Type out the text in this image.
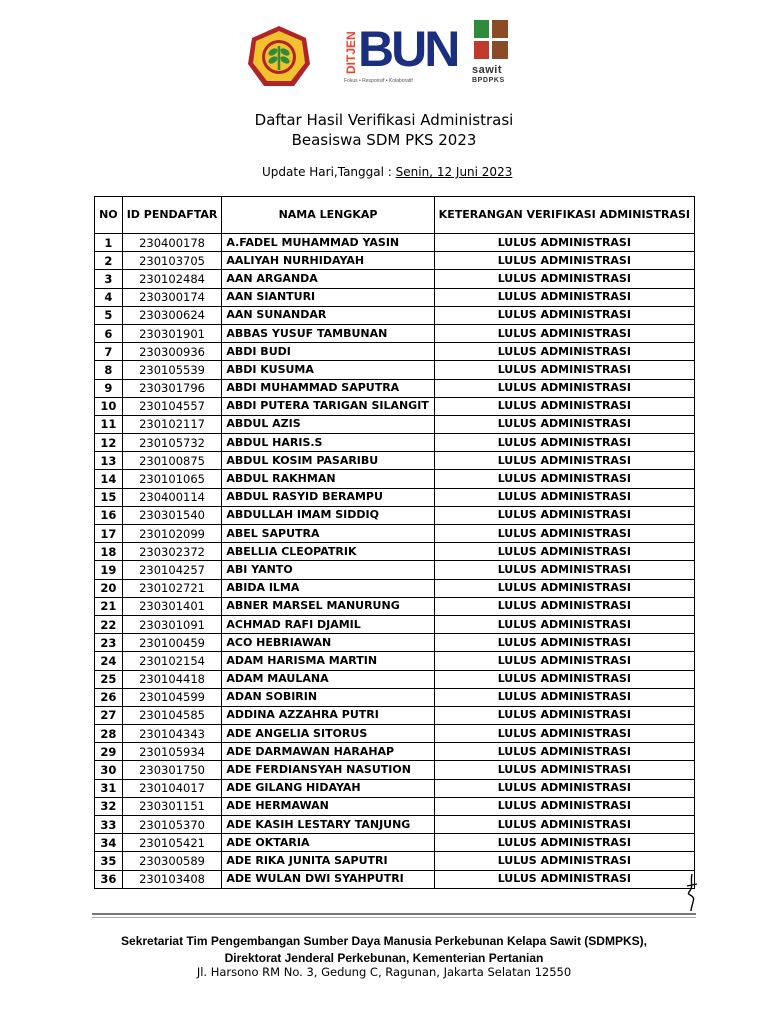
DITJEN BUN
Fokus • Responsif • Kolaboratif
sawit
BPDPKS
Daftar Hasil Verifikasi Administrasi
Beasiswa SDM PKS 2023
Update Hari,Tanggal : Senin, 12 Juni 2023
NO	ID PENDAFTAR	NAMA LENGKAP	KETERANGAN VERIFIKASI ADMINISTRASI
1	230400178	A.FADEL MUHAMMAD YASIN	LULUS ADMINISTRASI
2	230103705	AALIYAH NURHIDAYAH	LULUS ADMINISTRASI
3	230102484	AAN ARGANDA	LULUS ADMINISTRASI
4	230300174	AAN SIANTURI	LULUS ADMINISTRASI
5	230300624	AAN SUNANDAR	LULUS ADMINISTRASI
6	230301901	ABBAS YUSUF TAMBUNAN	LULUS ADMINISTRASI
7	230300936	ABDI BUDI	LULUS ADMINISTRASI
8	230105539	ABDI KUSUMA	LULUS ADMINISTRASI
9	230301796	ABDI MUHAMMAD SAPUTRA	LULUS ADMINISTRASI
10	230104557	ABDI PUTERA TARIGAN SILANGIT	LULUS ADMINISTRASI
11	230102117	ABDUL AZIS	LULUS ADMINISTRASI
12	230105732	ABDUL HARIS.S	LULUS ADMINISTRASI
13	230100875	ABDUL KOSIM PASARIBU	LULUS ADMINISTRASI
14	230101065	ABDUL RAKHMAN	LULUS ADMINISTRASI
15	230400114	ABDUL RASYID BERAMPU	LULUS ADMINISTRASI
16	230301540	ABDULLAH IMAM SIDDIQ	LULUS ADMINISTRASI
17	230102099	ABEL SAPUTRA	LULUS ADMINISTRASI
18	230302372	ABELLIA CLEOPATRIK	LULUS ADMINISTRASI
19	230104257	ABI YANTO	LULUS ADMINISTRASI
20	230102721	ABIDA ILMA	LULUS ADMINISTRASI
21	230301401	ABNER MARSEL MANURUNG	LULUS ADMINISTRASI
22	230301091	ACHMAD RAFI DJAMIL	LULUS ADMINISTRASI
23	230100459	ACO HEBRIAWAN	LULUS ADMINISTRASI
24	230102154	ADAM HARISMA MARTIN	LULUS ADMINISTRASI
25	230104418	ADAM MAULANA	LULUS ADMINISTRASI
26	230104599	ADAN SOBIRIN	LULUS ADMINISTRASI
27	230104585	ADDINA AZZAHRA PUTRI	LULUS ADMINISTRASI
28	230104343	ADE ANGELIA SITORUS	LULUS ADMINISTRASI
29	230105934	ADE DARMAWAN HARAHAP	LULUS ADMINISTRASI
30	230301750	ADE FERDIANSYAH NASUTION	LULUS ADMINISTRASI
31	230104017	ADE GILANG HIDAYAH	LULUS ADMINISTRASI
32	230301151	ADE HERMAWAN	LULUS ADMINISTRASI
33	230105370	ADE KASIH LESTARY TANJUNG	LULUS ADMINISTRASI
34	230105421	ADE OKTARIA	LULUS ADMINISTRASI
35	230300589	ADE RIKA JUNITA SAPUTRI	LULUS ADMINISTRASI
36	230103408	ADE WULAN DWI SYAHPUTRI	LULUS ADMINISTRASI
Sekretariat Tim Pengembangan Sumber Daya Manusia Perkebunan Kelapa Sawit (SDMPKS),
Direktorat Jenderal Perkebunan, Kementerian Pertanian
Jl. Harsono RM No. 3, Gedung C, Ragunan, Jakarta Selatan 12550
